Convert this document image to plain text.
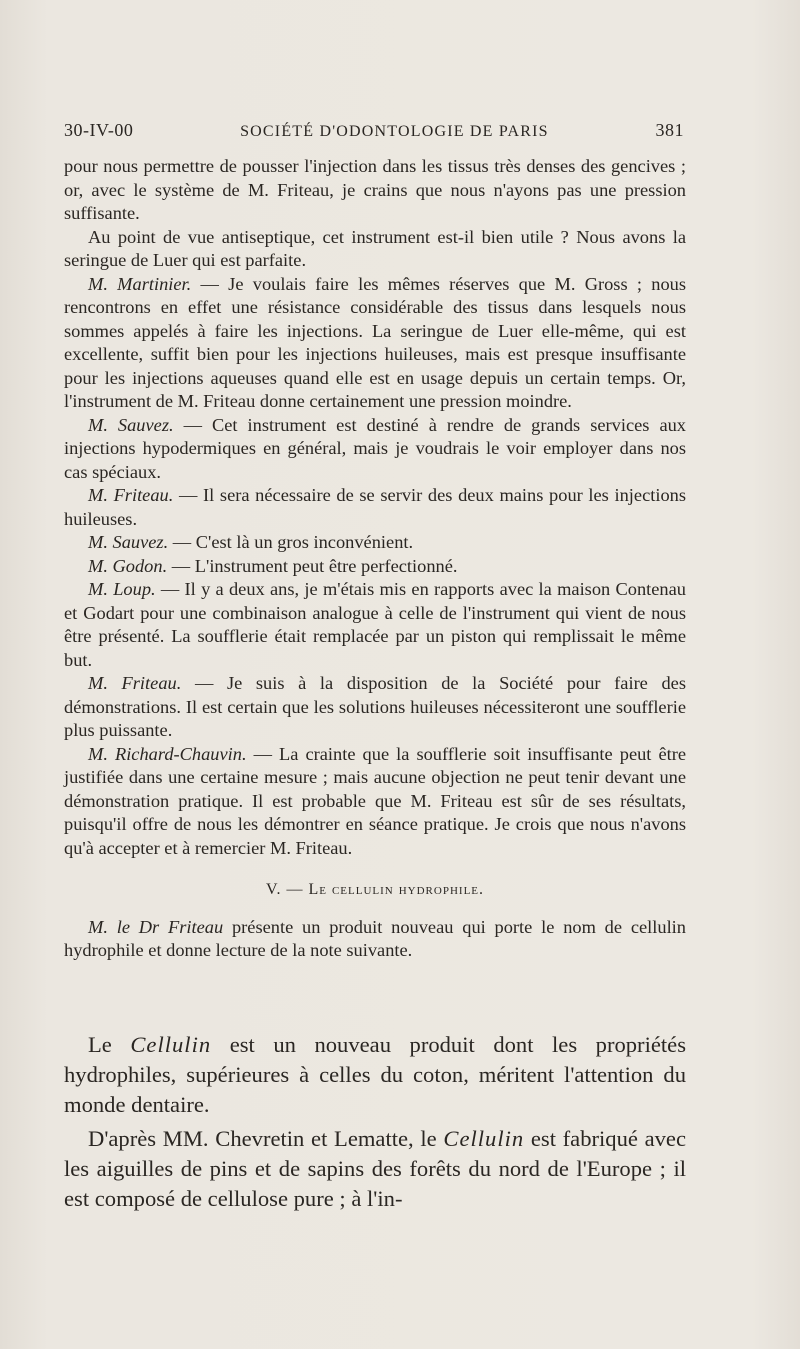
30-IV-00	SOCIÉTÉ D'ODONTOLOGIE DE PARIS	381

pour nous permettre de pousser l'injection dans les tissus très denses des gencives ; or, avec le système de M. Friteau, je crains que nous n'ayons pas une pression suffisante.

Au point de vue antiseptique, cet instrument est-il bien utile ? Nous avons la seringue de Luer qui est parfaite.

M. Martinier. — Je voulais faire les mêmes réserves que M. Gross ; nous rencontrons en effet une résistance considérable des tissus dans lesquels nous sommes appelés à faire les injections. La seringue de Luer elle-même, qui est excellente, suffit bien pour les injections huileuses, mais est presque insuffisante pour les injections aqueuses quand elle est en usage depuis un certain temps. Or, l'instrument de M. Friteau donne certainement une pression moindre.

M. Sauvez. — Cet instrument est destiné à rendre de grands services aux injections hypodermiques en général, mais je voudrais le voir employer dans nos cas spéciaux.

M. Friteau. — Il sera nécessaire de se servir des deux mains pour les injections huileuses.

M. Sauvez. — C'est là un gros inconvénient.

M. Godon. — L'instrument peut être perfectionné.

M. Loup. — Il y a deux ans, je m'étais mis en rapports avec la maison Contenau et Godart pour une combinaison analogue à celle de l'instrument qui vient de nous être présenté. La soufflerie était remplacée par un piston qui remplissait le même but.

M. Friteau. — Je suis à la disposition de la Société pour faire des démonstrations. Il est certain que les solutions huileuses nécessiteront une soufflerie plus puissante.

M. Richard-Chauvin. — La crainte que la soufflerie soit insuffisante peut être justifiée dans une certaine mesure ; mais aucune objection ne peut tenir devant une démonstration pratique. Il est probable que M. Friteau est sûr de ses résultats, puisqu'il offre de nous les démontrer en séance pratique. Je crois que nous n'avons qu'à accepter et à remercier M. Friteau.

V. — Le cellulin hydrophile.

M. le Dr Friteau présente un produit nouveau qui porte le nom de cellulin hydrophile et donne lecture de la note suivante.

Le Cellulin est un nouveau produit dont les propriétés hydrophiles, supérieures à celles du coton, méritent l'attention du monde dentaire.

D'après MM. Chevretin et Lematte, le Cellulin est fabriqué avec les aiguilles de pins et de sapins des forêts du nord de l'Europe ; il est composé de cellulose pure ; à l'in-
